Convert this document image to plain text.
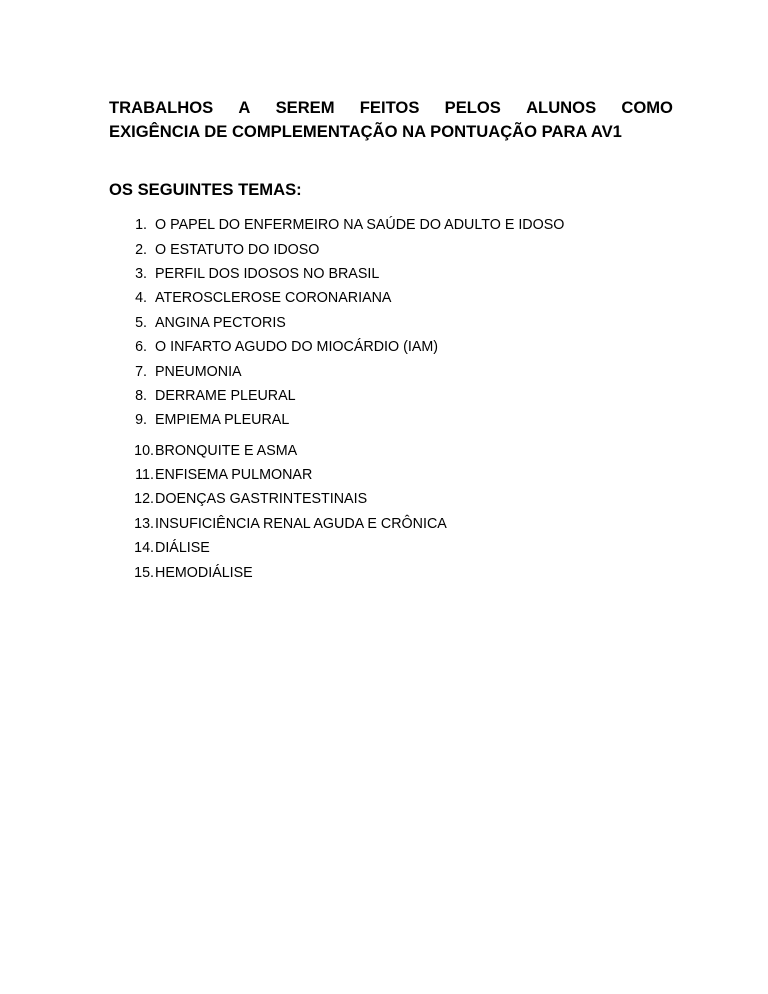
TRABALHOS A SEREM FEITOS PELOS ALUNOS COMO
EXIGÊNCIA DE COMPLEMENTAÇÃO NA PONTUAÇÃO PARA AV1
OS SEGUINTES TEMAS:
1. O PAPEL DO ENFERMEIRO NA SAÚDE DO ADULTO E IDOSO
2. O ESTATUTO DO IDOSO
3. PERFIL DOS IDOSOS NO BRASIL
4. ATEROSCLEROSE CORONARIANA
5. ANGINA PECTORIS
6. O INFARTO AGUDO DO MIOCÁRDIO (IAM)
7. PNEUMONIA
8. DERRAME PLEURAL
9. EMPIEMA PLEURAL
10. BRONQUITE E ASMA
11. ENFISEMA PULMONAR
12. DOENÇAS GASTRINTESTINAIS
13. INSUFICIÊNCIA RENAL AGUDA E CRÔNICA
14. DIÁLISE
15. HEMODIÁLISE
